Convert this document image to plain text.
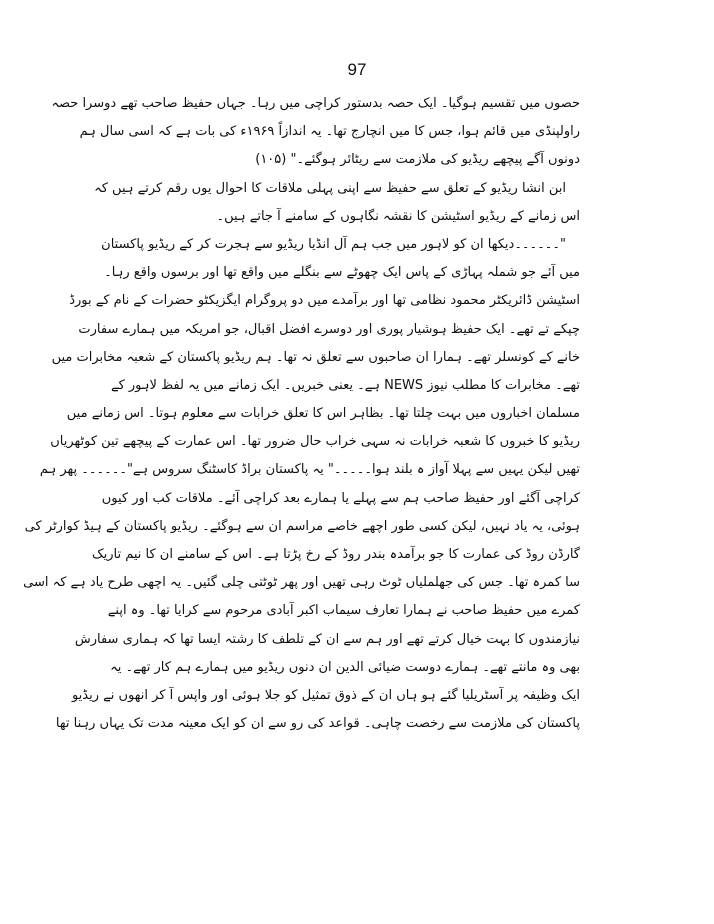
97
حصوں میں تقسیم ہوگیا۔ ایک حصہ بدستور کراچی میں رہا۔ جہاں حفیظ صاحب تھے دوسرا حصہ
راولپنڈی میں قائم ہوا، جس کا میں انچارج تھا۔ یہ اندازاً ۱۹۶۹ء کی بات ہے کہ اسی سال ہم
دونوں آگے پیچھے ریڈیو کی ملازمت سے ریٹائر ہوگئے۔" (۱۰۵)
ابن انشا ریڈیو کے تعلق سے حفیظ سے اپنی پہلی ملاقات کا احوال یوں رقم کرتے ہیں کہ
اس زمانے کے ریڈیو اسٹیشن کا نقشہ نگاہوں کے سامنے آ جاتے ہیں۔
"۔۔۔۔۔۔دیکھا ان کو لاہور میں جب ہم آل انڈیا ریڈیو سے ہجرت کر کے ریڈیو پاکستان
میں آئے جو شملہ پہاڑی کے پاس ایک چھوٹے سے بنگلے میں واقع تھا اور برسوں واقع رہا۔
اسٹیشن ڈائریکٹر محمود نظامی تھا اور برآمدے میں دو پروگرام ایگزیکٹو حضرات کے نام کے بورڈ
چپکے تے تھے۔ ایک حفیظ ہوشیار پوری اور دوسرے افضل اقبال، جو امریکہ میں ہمارے سفارت
خانے کے کونسلر تھے۔ ہمارا ان صاحبوں سے تعلق نہ تھا۔ ہم ریڈیو پاکستان کے شعبہ مخابرات میں
تھے۔ مخابرات کا مطلب نیوز NEWS ہے۔ یعنی خبریں۔ ایک زمانے میں یہ لفظ لاہور کے
مسلمان اخباروں میں بہت چلتا تھا۔ بظاہر اس کا تعلق خرابات سے معلوم ہوتا۔ اس زمانے میں
ریڈیو کا خبروں کا شعبہ خرابات نہ سہی خراب حال ضرور تھا۔ اس عمارت کے پیچھے تین کوٹھریاں
تھیں لیکن یہیں سے پہلا آواز ہ بلند ہوا۔۔۔۔۔" یہ پاکستان براڈ کاسٹنگ سروس ہے"۔۔۔۔۔۔ پھر ہم
کراچی آگئے اور حفیظ صاحب ہم سے پہلے یا ہمارے بعد کراچی آئے۔ ملاقات کب اور کیوں
ہوئی، یہ یاد نہیں، لیکن کسی طور اچھے خاصے مراسم ان سے ہوگئے۔ ریڈیو پاکستان کے ہیڈ کوارٹر کی
گارڈن روڈ کی عمارت کا جو برآمدہ بندر روڈ کے رخ پڑتا ہے۔ اس کے سامنے ان کا نیم تاریک
سا کمرہ تھا۔ جس کی جھلملیاں ٹوٹ رہی تھیں اور پھر ٹوٹتی چلی گئیں۔ یہ اچھی طرح یاد ہے کہ اسی
کمرے میں حفیظ صاحب نے ہمارا تعارف سیماب اکبر آبادی مرحوم سے کرایا تھا۔ وہ اپنے
نیازمندوں کا بہت خیال کرتے تھے اور ہم سے ان کے تلطف کا رشتہ ایسا تھا کہ ہماری سفارش
بھی وہ مانتے تھے۔ ہمارے دوست ضیائی الدین ان دنوں ریڈیو میں ہمارے ہم کار تھے۔ یہ
ایک وظیفہ پر آسٹریلیا گئے ہو ہاں ان کے ذوق تمثیل کو جلا ہوئی اور واپس آ کر انھوں نے ریڈیو
پاکستان کی ملازمت سے رخصت چاہی۔ قواعد کی رو سے ان کو ایک معینہ مدت تک یہاں رہنا تھا
